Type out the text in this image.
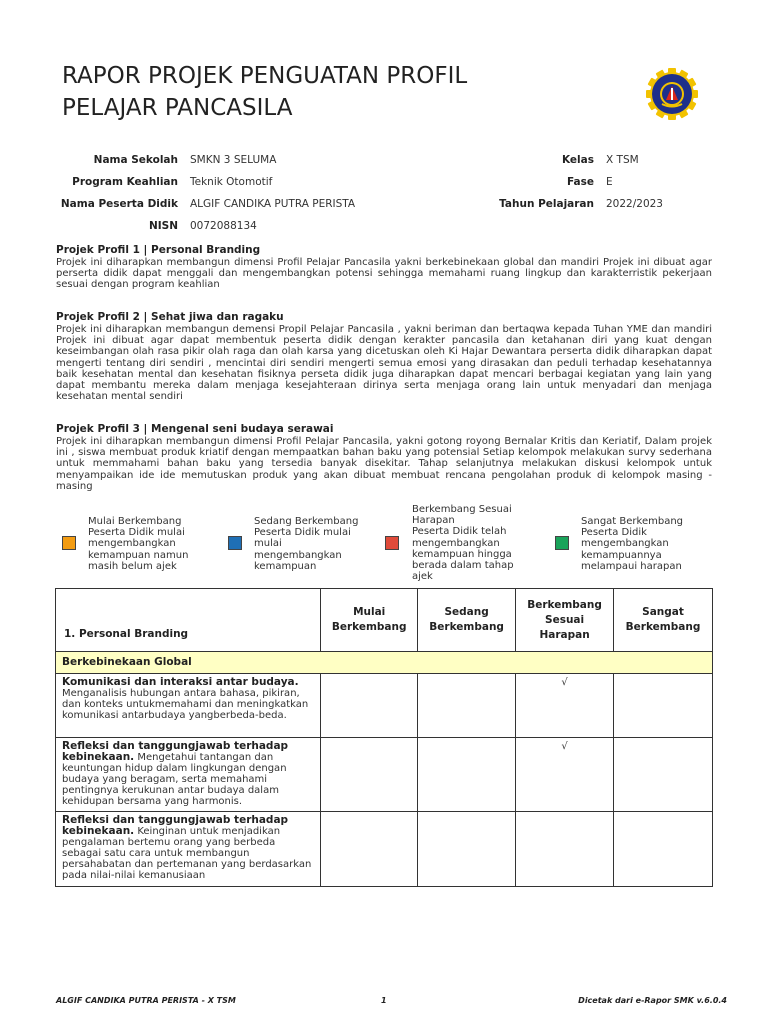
RAPOR PROJEK PENGUATAN PROFIL
PELAJAR PANCASILA
Nama Sekolah	SMKN 3 SELUMA
Program Keahlian	Teknik Otomotif
Nama Peserta Didik	ALGIF CANDIKA PUTRA PERISTA
NISN	0072088134
Kelas	X TSM
Fase	E
Tahun Pelajaran	2022/2023
Projek Profil 1 | Personal Branding

Projek ini diharapkan membangun dimensi Profil Pelajar Pancasila yakni berkebinekaan global dan mandiri Projek ini dibuat agar perserta didik dapat menggali dan mengembangkan potensi sehingga memahami ruang lingkup dan karakterristik pekerjaan sesuai dengan program keahlian

Projek Profil 2 | Sehat jiwa dan ragaku

Projek ini diharapkan membangun demensi Propil Pelajar Pancasila , yakni beriman dan bertaqwa kepada Tuhan YME dan mandiri Projek ini dibuat agar dapat membentuk peserta didik dengan kerakter pancasila dan ketahanan diri yang kuat dengan keseimbangan olah rasa pikir olah raga dan olah karsa yang dicetuskan oleh Ki Hajar Dewantara perserta didik diharapkan dapat mengerti tentang diri sendiri , mencintai diri sendiri mengerti semua emosi yang dirasakan dan peduli terhadap kesehatannya baik kesehatan mental dan kesehatan fisiknya perseta didik juga diharapkan dapat mencari berbagai kegiatan yang lain yang dapat membantu mereka dalam menjaga kesejahteraan dirinya serta menjaga orang lain untuk menyadari dan menjaga kesehatan mental sendiri

Projek Profil 3 | Mengenal seni budaya serawai

Projek ini diharapkan membangun dimensi Profil Pelajar Pancasila, yakni gotong royong Bernalar Kritis dan Keriatif, Dalam projek ini , siswa membuat produk kriatif dengan mempaatkan bahan baku yang potensial Setiap kelompok melakukan survy sederhana untuk memmahami bahan baku yang tersedia banyak disekitar. Tahap selanjutnya melakukan diskusi kelompok untuk menyampaikan ide ide memutuskan produk yang akan dibuat membuat rencana pengolahan produk di kelompok masing - masing

Mulai Berkembang
Peserta Didik mulai mengembangkan kemampuan namun masih belum ajek
Sedang Berkembang
Peserta Didik mulai mulai mengembangkan kemampuan
Berkembang Sesuai Harapan
Peserta Didik telah mengembangkan kemampuan hingga berada dalam tahap ajek
Sangat Berkembang
Peserta Didik mengembangkan kemampuannya melampaui harapan
1. Personal Branding	Mulai Berkembang	Sedang Berkembang	Berkembang Sesuai Harapan	Sangat Berkembang
Berkebinekaan Global				
Komunikasi dan interaksi antar budaya.
Menganalisis hubungan antara bahasa, pikiran, dan konteks untukmemahami dan meningkatkan komunikasi antarbudaya yangberbeda-beda.			√	
Refleksi dan tanggungjawab terhadap kebinekaan. Mengetahui tantangan dan keuntungan hidup dalam lingkungan dengan budaya yang beragam, serta memahami pentingnya kerukunan antar budaya dalam kehidupan bersama yang harmonis.			√	
Refleksi dan tanggungjawab terhadap kebinekaan. Keinginan untuk menjadikan pengalaman bertemu orang yang berbeda sebagai satu cara untuk membangun persahabatan dan pertemanan yang berdasarkan pada nilai-nilai kemanusiaan				
ALGIF CANDIKA PUTRA PERISTA - X TSM	1	Dicetak dari e-Rapor SMK v.6.0.4
